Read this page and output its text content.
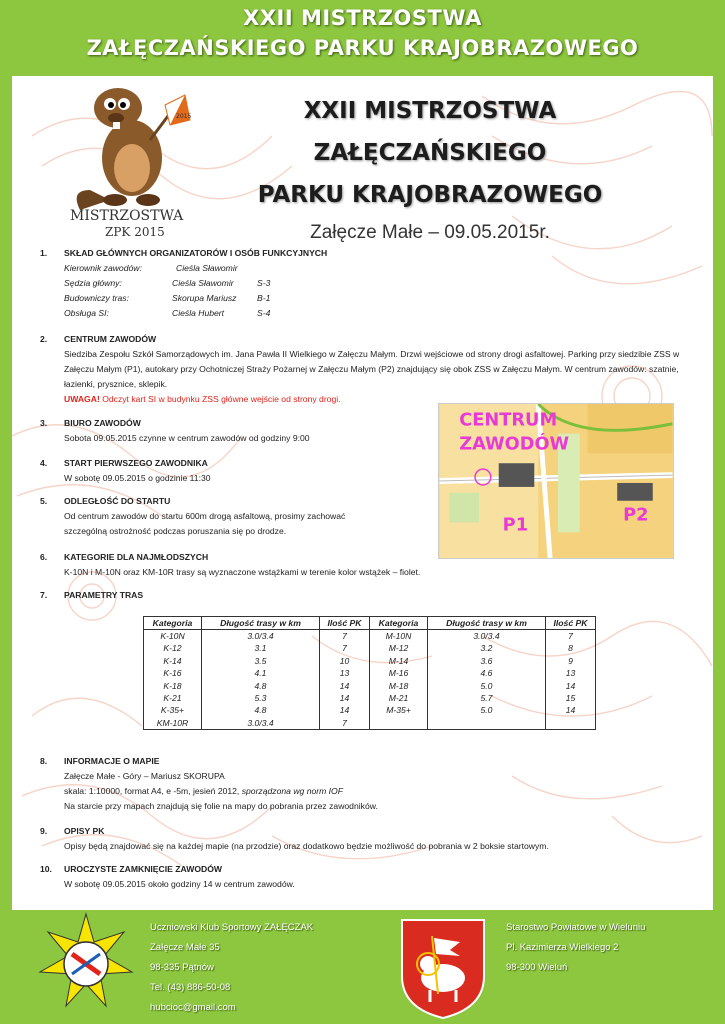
XXII MISTRZOSTWA
ZAŁĘCZAŃSKIEGO PARKU KRAJOBRAZOWEGO
2015
MISTRZOSTWA
ZPK 2015
XXII MISTRZOSTWA
ZAŁĘCZAŃSKIEGO
PARKU KRAJOBRAZOWEGO
Załęcze Małe – 09.05.2015r.
1.	SKŁAD GŁÓWNYCH ORGANIZATORÓW I OSÓB FUNKCYJNYCH
Kierownik zawodów:	Cieśla Sławomir
Sędzia główny:	Cieśla Sławomir	S-3
Budowniczy tras:	Skorupa Mariusz	B-1
Obsługa SI:	Cieśla Hubert	S-4
2.	CENTRUM ZAWODÓW
Siedziba Zespołu Szkół Samorządowych im. Jana Pawła II Wielkiego w Załęczu Małym. Drzwi wejściowe od strony drogi asfaltowej. Parking przy siedzibie ZSS w Załęczu Małym (P1), autokary przy Ochotniczej Straży Pożarnej w Załęczu Małym (P2) znajdujący się obok ZSS w Załęczu Małym. W centrum zawodów: szatnie, łazienki, prysznice, sklepik.
UWAGA! Odczyt kart SI w budynku ZSS główne wejście od strony drogi.
3.	BIURO ZAWODÓW
Sobota 09.05.2015 czynne w centrum zawodów od godziny 9:00
4.	START PIERWSZEGO ZAWODNIKA
W sobotę 09.05.2015 o godzinie 11:30
5.	ODLEGŁOŚĆ DO STARTU
Od centrum zawodów do startu 600m drogą asfaltową, prosimy zachować
szczególną ostrożność podczas poruszania się po drodze.
6.	KATEGORIE DLA NAJMŁODSZYCH
K-10N i M-10N oraz KM-10R trasy są wyznaczone wstążkami w terenie kolor wstążek – fiolet.
7.	PARAMETRY TRAS
8.	INFORMACJE O MAPIE
Załęcze Małe - Góry – Mariusz SKORUPA
skala: 1:10000, format A4, e -5m, jesień 2012, sporządzona wg norm IOF
Na starcie przy mapach znajdują się folie na mapy do pobrania przez zawodników.
9.	OPISY PK
Opisy będą znajdować się na każdej mapie (na przodzie) oraz dodatkowo będzie możliwość do pobrania w 2 boksie startowym.
10.	UROCZYSTE ZAMKNIĘCIE ZAWODÓW
W sobotę 09.05.2015 około godziny 14 w centrum zawodów.
CENTRUM
ZAWODÓW
P1	P2
Kategoria	Długość trasy w km	Ilość PK	Kategoria	Długość trasy w km	Ilość PK
K-10N	3.0/3.4	7	M-10N	3.0/3.4	7
K-12	3.1	7	M-12	3.2	8
K-14	3.5	10	M-14	3.6	9
K-16	4.1	13	M-16	4.6	13
K-18	4.8	14	M-18	5.0	14
K-21	5.3	14	M-21	5.7	15
K-35+	4.8	14	M-35+	5.0	14
KM-10R	3.0/3.4	7			
Uczniowski Klub Sportowy ZAŁĘCZAK
Załęcze Małe 35
98-335 Pątnów
Tel. (43) 886-50-08
hubcioc@gmail.com
Starostwo Powiatowe w Wieluniu
Pl. Kazimierza Wielkiego 2
98-300 Wieluń
